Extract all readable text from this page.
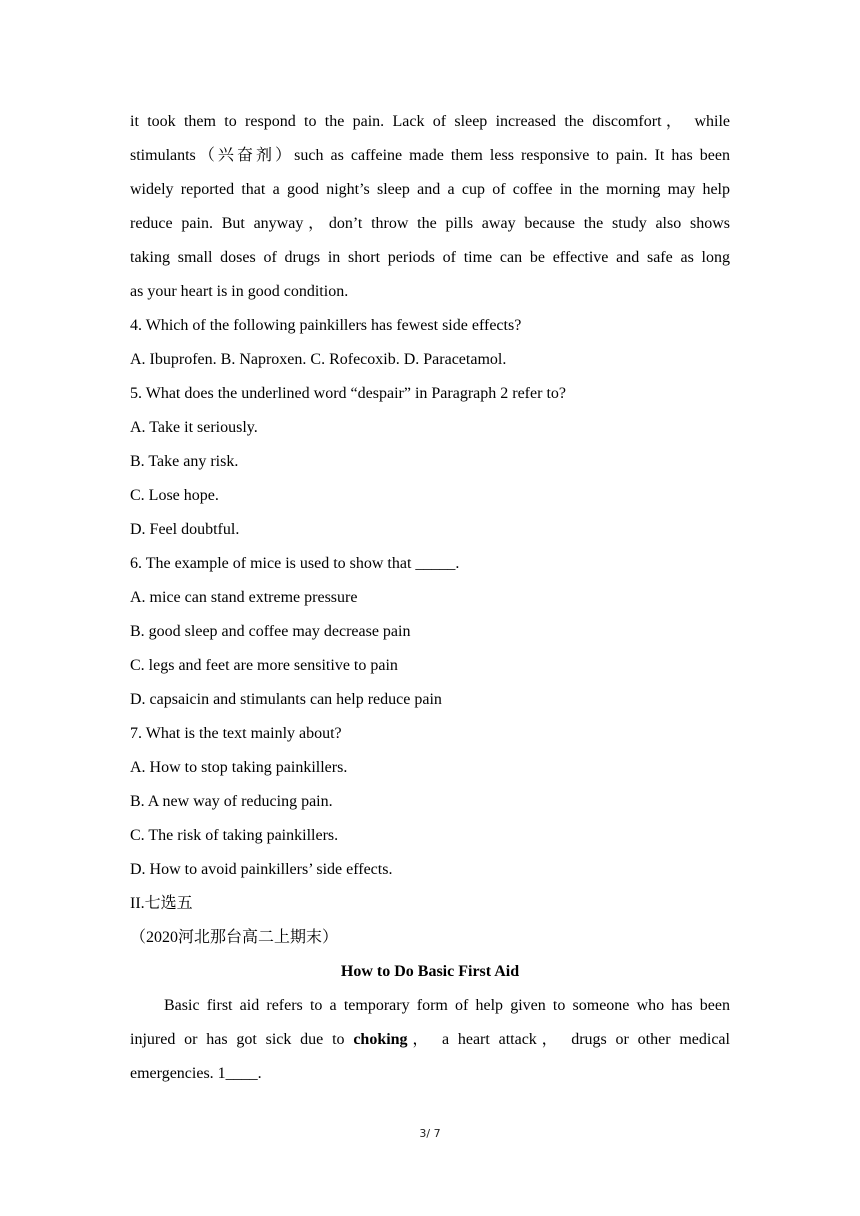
it took them to respond to the pain. Lack of sleep increased the discomfort， while
stimulants（兴奋剂）such as caffeine made them less responsive to pain. It has been
widely reported that a good night’s sleep and a cup of coffee in the morning may help
reduce pain. But anyway，don’t throw the pills away because the study also shows
taking small doses of drugs in short periods of time can be effective and safe as long
as your heart is in good condition.
4. Which of the following painkillers has fewest side effects?
A. Ibuprofen. B. Naproxen. C. Rofecoxib. D. Paracetamol.
5. What does the underlined word “despair” in Paragraph 2 refer to?
A. Take it seriously.
B. Take any risk.
C. Lose hope.
D. Feel doubtful.
6. The example of mice is used to show that _____.
A. mice can stand extreme pressure
B. good sleep and coffee may decrease pain
C. legs and feet are more sensitive to pain
D. capsaicin and stimulants can help reduce pain
7. What is the text mainly about?
A. How to stop taking painkillers.
B. A new way of reducing pain.
C. The risk of taking painkillers.
D. How to avoid painkillers’ side effects.
II.七选五
（2020河北那台高二上期末）
How to Do Basic First Aid
Basic first aid refers to a temporary form of help given to someone who has been
injured or has got sick due to choking， a heart attack， drugs or other medical
emergencies. 1____.
3/ 7
